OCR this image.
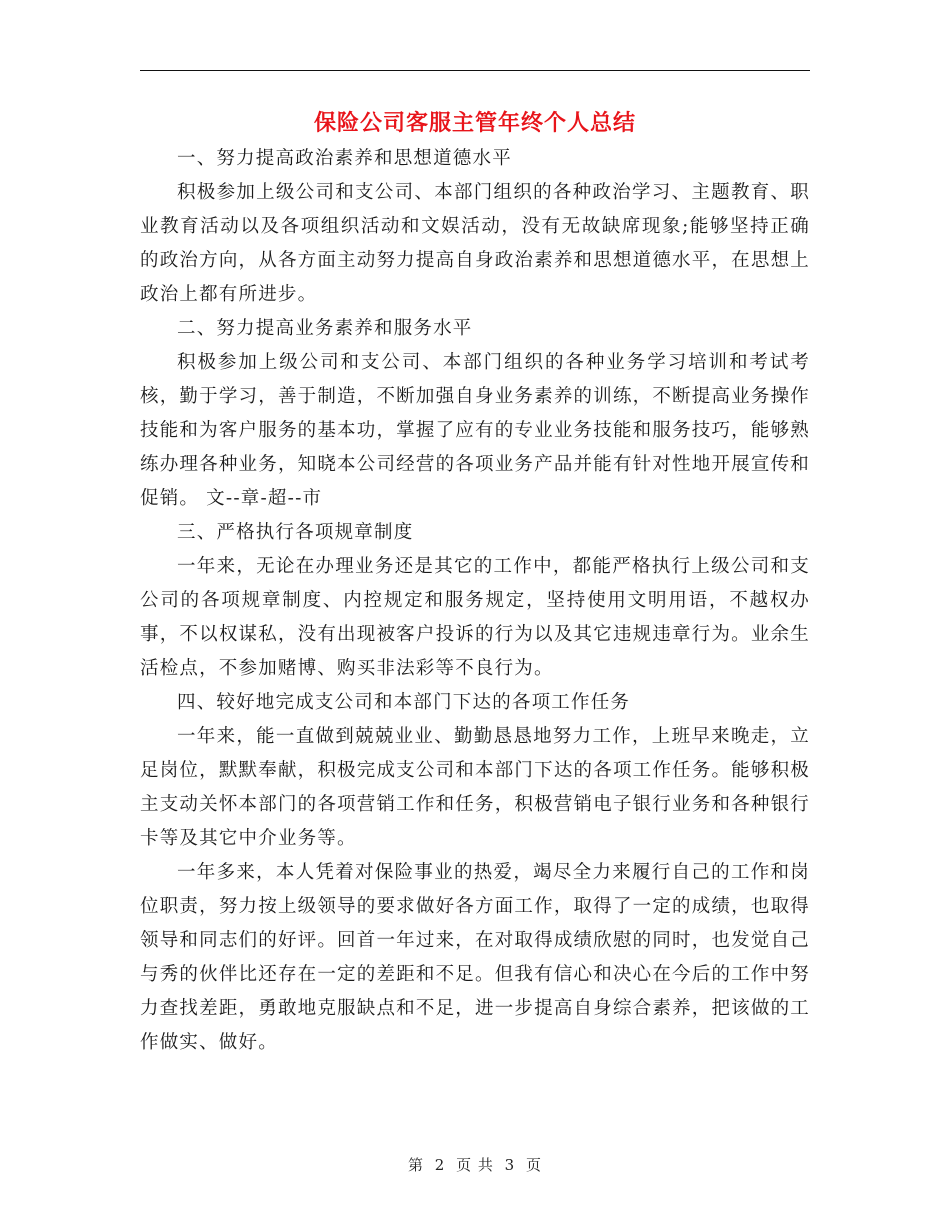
保险公司客服主管年终个人总结

一、努力提高政治素养和思想道德水平

积极参加上级公司和支公司、本部门组织的各种政治学习、主题教育、职业教育活动以及各项组织活动和文娱活动，没有无故缺席现象;能够坚持正确的政治方向，从各方面主动努力提高自身政治素养和思想道德水平，在思想上政治上都有所进步。

二、努力提高业务素养和服务水平

积极参加上级公司和支公司、本部门组织的各种业务学习培训和考试考核，勤于学习，善于制造，不断加强自身业务素养的训练，不断提高业务操作技能和为客户服务的基本功，掌握了应有的专业业务技能和服务技巧，能够熟练办理各种业务，知晓本公司经营的各项业务产品并能有针对性地开展宣传和促销。 文--章-超--市

三、严格执行各项规章制度

一年来，无论在办理业务还是其它的工作中，都能严格执行上级公司和支公司的各项规章制度、内控规定和服务规定，坚持使用文明用语，不越权办事，不以权谋私，没有出现被客户投诉的行为以及其它违规违章行为。业余生活检点，不参加赌博、购买非法彩等不良行为。

四、较好地完成支公司和本部门下达的各项工作任务

一年来，能一直做到兢兢业业、勤勤恳恳地努力工作，上班早来晚走，立足岗位，默默奉献，积极完成支公司和本部门下达的各项工作任务。能够积极主支动关怀本部门的各项营销工作和任务，积极营销电子银行业务和各种银行卡等及其它中介业务等。

一年多来，本人凭着对保险事业的热爱，竭尽全力来履行自己的工作和岗位职责，努力按上级领导的要求做好各方面工作，取得了一定的成绩，也取得领导和同志们的好评。回首一年过来，在对取得成绩欣慰的同时，也发觉自己与秀的伙伴比还存在一定的差距和不足。但我有信心和决心在今后的工作中努力查找差距，勇敢地克服缺点和不足，进一步提高自身综合素养，把该做的工作做实、做好。

第 2 页 共 3 页
